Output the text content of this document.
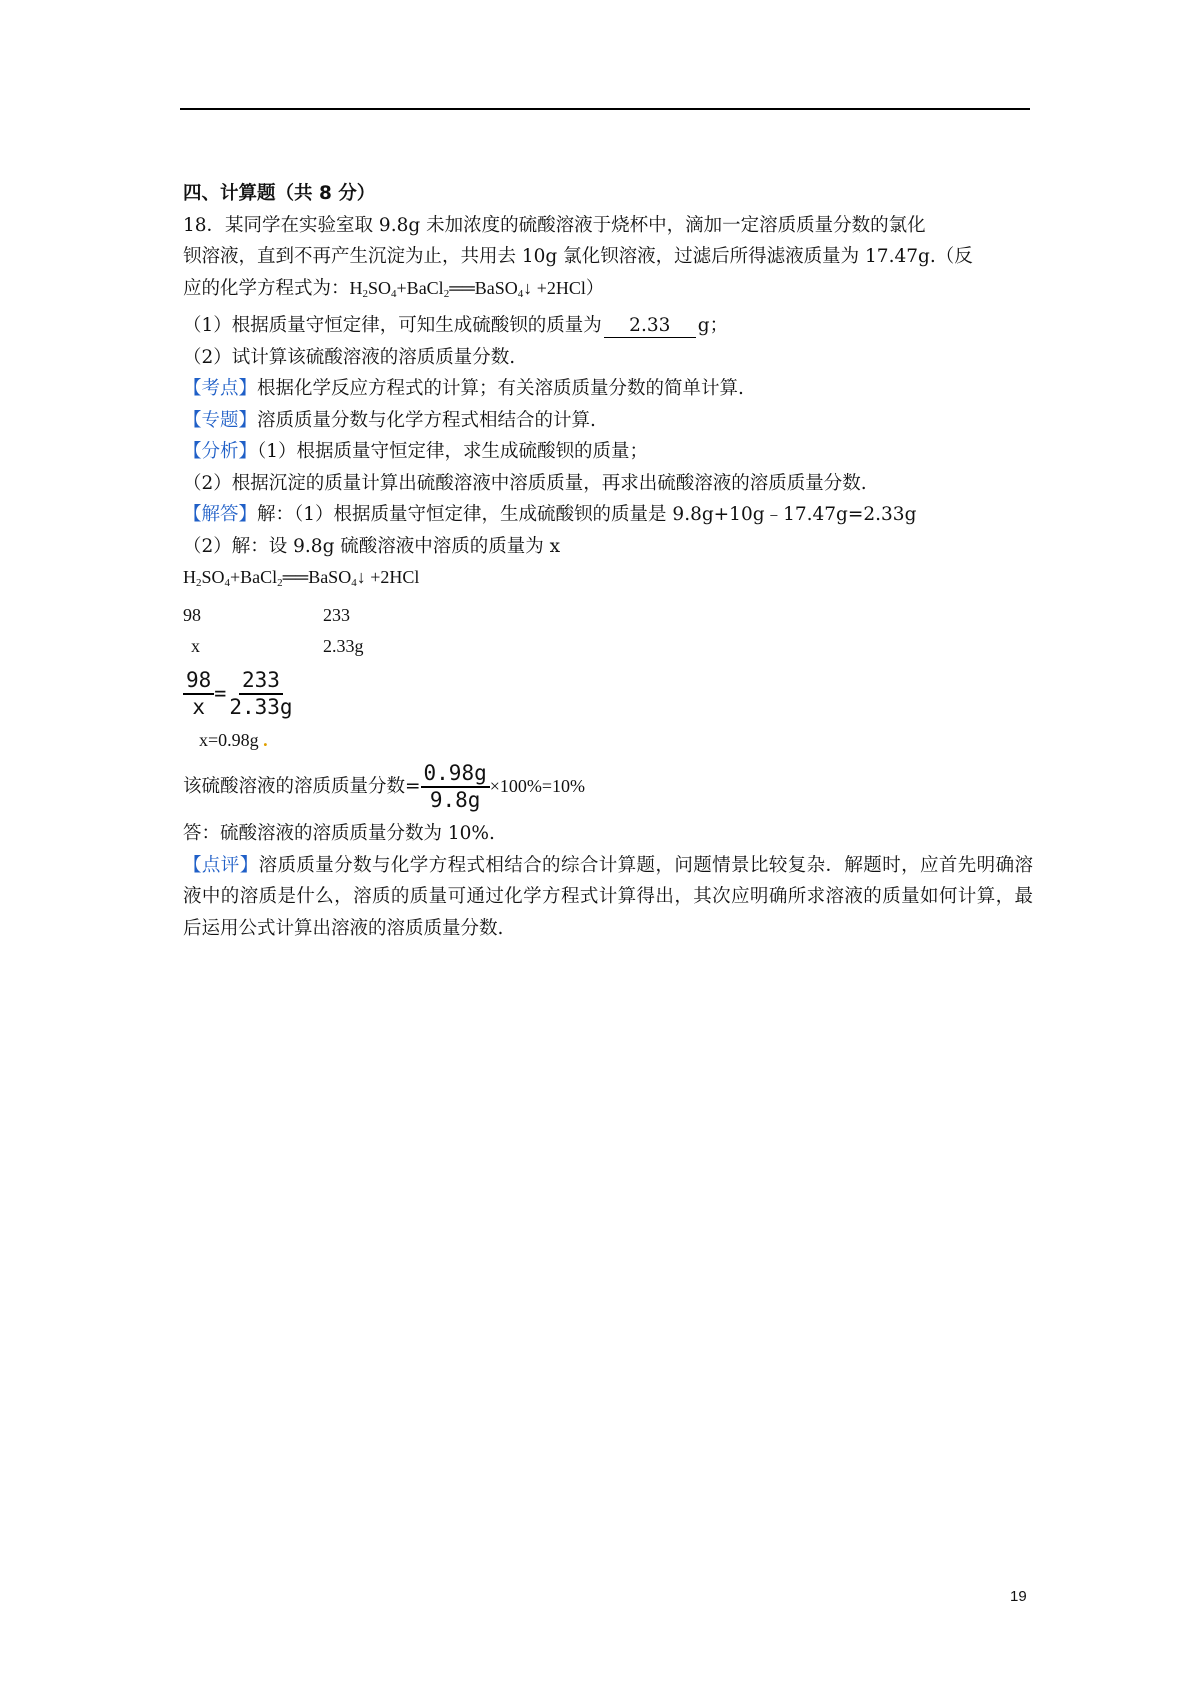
四、计算题（共 8 分）
18．某同学在实验室取 9.8g 未加浓度的硫酸溶液于烧杯中，滴加一定溶质质量分数的氯化
钡溶液，直到不再产生沉淀为止，共用去 10g 氯化钡溶液，过滤后所得滤液质量为 17.47g.（反
应的化学方程式为：$H_2SO_4+BaCl_2══BaSO_4↓ +2HCl$）
（1）根据质量守恒定律，可知生成硫酸钡的质量为 2.33 g；
（2）试计算该硫酸溶液的溶质质量分数.
【考点】根据化学反应方程式的计算；有关溶质质量分数的简单计算.
【专题】溶质质量分数与化学方程式相结合的计算.
【分析】（1）根据质量守恒定律，求生成硫酸钡的质量；
（2）根据沉淀的质量计算出硫酸溶液中溶质质量，再求出硫酸溶液的溶质质量分数.
【解答】解：（1）根据质量守恒定律，生成硫酸钡的质量是 9.8g+10g﹣17.47g=2.33g
（2）解：设 9.8g 硫酸溶液中溶质的质量为 x
$H_2SO_4+BaCl_2══BaSO_4↓ +2HCl$
98	233
x	2.33g
$\frac{98}{x} = \frac{233}{2.33g}$
x=0.98g .
该硫酸溶液的溶质质量分数= $\frac{0.98g}{9.8g} \times 100\%=10\%$
答：硫酸溶液的溶质质量分数为 10%.
【点评】溶质质量分数与化学方程式相结合的综合计算题，问题情景比较复杂．解题时，应首先明确溶液中的溶质是什么，溶质的质量可通过化学方程式计算得出，其次应明确所求溶液的质量如何计算，最后运用公式计算出溶液的溶质质量分数.
19
